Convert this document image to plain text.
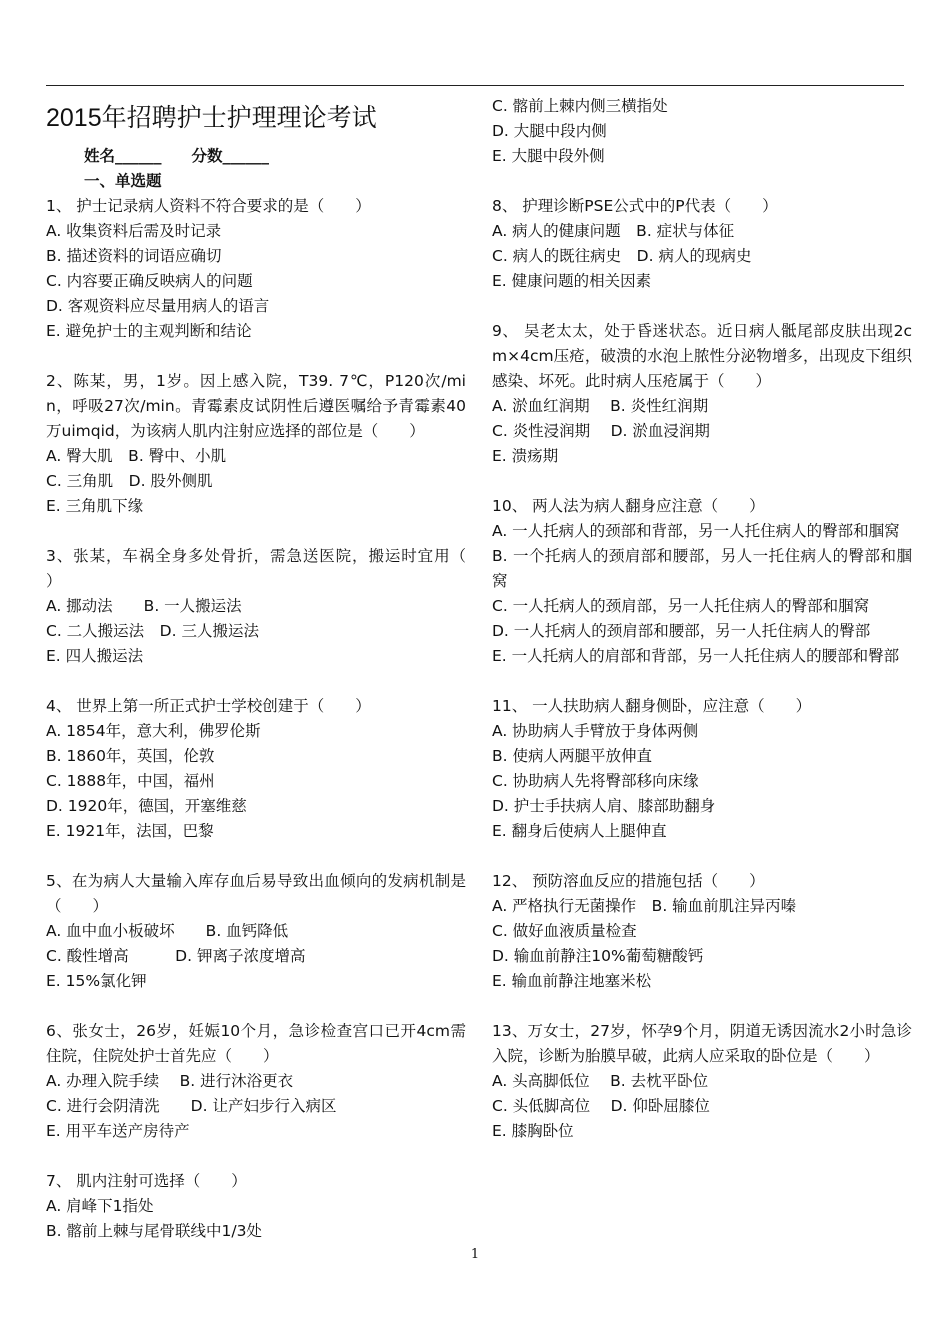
2015年招聘护士护理理论考试
姓名______ 分数______
一、单选题
1、 护士记录病人资料不符合要求的是（　　）
A. 收集资料后需及时记录
B. 描述资料的词语应确切
C. 内容要正确反映病人的问题
D. 客观资料应尽量用病人的语言
E. 避免护士的主观判断和结论
2、陈某，男，1岁。因上感入院，T39. 7℃，P120次/min，呼吸27次/min。青霉素皮试阴性后遵医嘱给予青霉素40万uimqid，为该病人肌内注射应选择的部位是（　　）
A. 臀大肌　B. 臀中、小肌
C. 三角肌　D. 股外侧肌
E. 三角肌下缘
3、张某，车祸全身多处骨折，需急送医院，搬运时宜用（　　）
A. 挪动法　　B. 一人搬运法
C. 二人搬运法　D. 三人搬运法
E. 四人搬运法
4、 世界上第一所正式护士学校创建于（　　）
A. 1854年，意大利，佛罗伦斯
B. 1860年，英国，伦敦
C. 1888年，中国，福州
D. 1920年，德国，开塞维慈
E. 1921年，法国，巴黎
5、在为病人大量输入库存血后易导致出血倾向的发病机制是（　　）
A. 血中血小板破坏　　B. 血钙降低
C. 酸性增高　　　D. 钾离子浓度增高
E. 15%氯化钾
6、张女士，26岁，妊娠10个月，急诊检查宫口已开4cm需住院，住院处护士首先应（　　）
A. 办理入院手续　 B. 进行沐浴更衣
C. 进行会阴清洗　　D. 让产妇步行入病区
E. 用平车送产房待产
7、 肌内注射可选择（　　）
A. 肩峰下1指处
B. 髂前上棘与尾骨联线中1/3处
C. 髂前上棘内侧三横指处
D. 大腿中段内侧
E. 大腿中段外侧
8、 护理诊断PSE公式中的P代表（　　）
A. 病人的健康问题　B. 症状与体征
C. 病人的既往病史　D. 病人的现病史
E. 健康问题的相关因素
9、 吴老太太，处于昏迷状态。近日病人骶尾部皮肤出现2cm×4cm压疮，破溃的水泡上脓性分泌物增多，出现皮下组织感染、坏死。此时病人压疮属于（　　）
A. 淤血红润期　 B. 炎性红润期
C. 炎性浸润期　 D. 淤血浸润期
E. 溃疡期
10、 两人法为病人翻身应注意（　　）
A. 一人托病人的颈部和背部，另一人托住病人的臀部和腘窝
B. 一个托病人的颈肩部和腰部，另人一托住病人的臀部和腘窝
C. 一人托病人的颈肩部，另一人托住病人的臀部和腘窝
D. 一人托病人的颈肩部和腰部，另一人托住病人的臀部
E. 一人托病人的肩部和背部，另一人托住病人的腰部和臀部
11、 一人扶助病人翻身侧卧，应注意（　　）
A. 协助病人手臂放于身体两侧
B. 使病人两腿平放伸直
C. 协助病人先将臀部移向床缘
D. 护士手扶病人肩、膝部助翻身
E. 翻身后使病人上腿伸直
12、 预防溶血反应的措施包括（　　）
A. 严格执行无菌操作　B. 输血前肌注异丙嗪
C. 做好血液质量检查
D. 输血前静注10%葡萄糖酸钙
E. 输血前静注地塞米松
13、万女士，27岁，怀孕9个月，阴道无诱因流水2小时急诊入院，诊断为胎膜早破，此病人应采取的卧位是（　　）
A. 头高脚低位　 B. 去枕平卧位
C. 头低脚高位　 D. 仰卧屈膝位
E. 膝胸卧位
1
